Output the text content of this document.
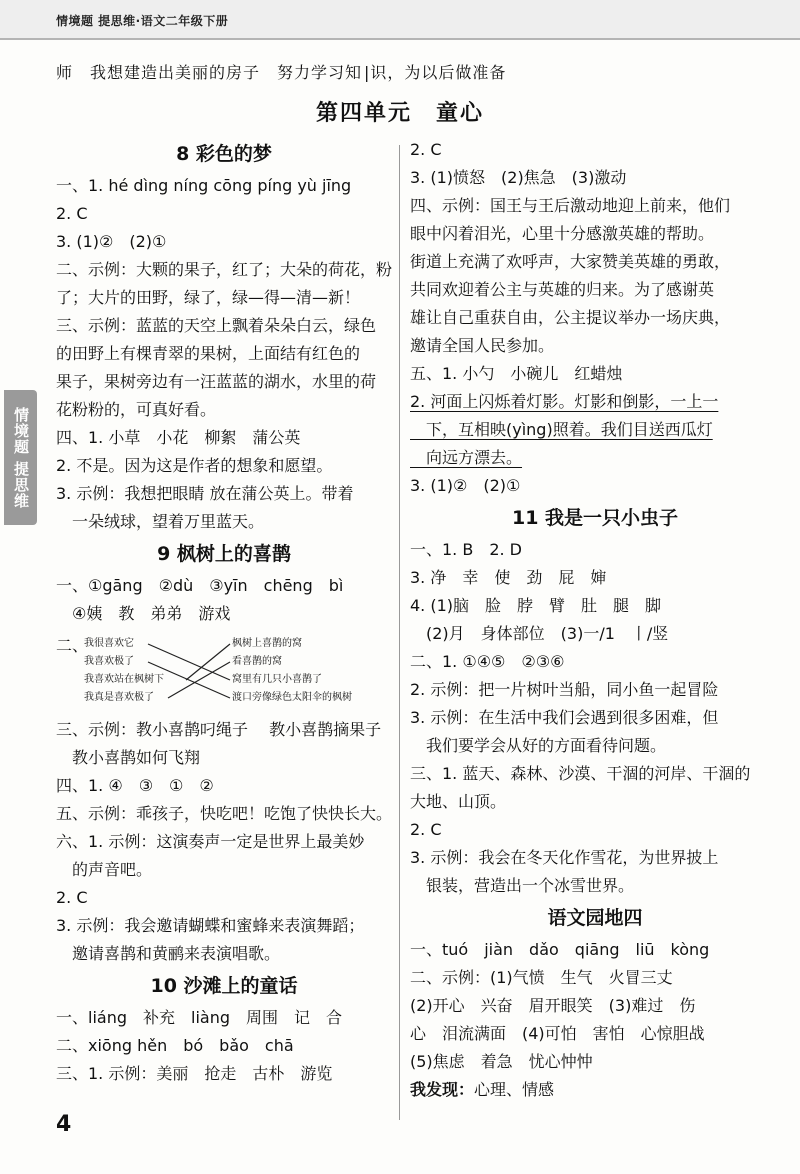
情境题 提思维·语文二年级下册
师　我想建造出美丽的房子　努力学习知 |识，为以后做准备
第四单元　童心
情境题
提思维
8 彩色的梦
一、1. hé dìng níng cōng píng yù jīng
2. C
3. (1)②　(2)①
二、示例：大颗的果子，红了；大朵的荷花，粉
了；大片的田野，绿了，绿—得—清—新！
三、示例：蓝蓝的天空上飘着朵朵白云，绿色
的田野上有棵青翠的果树，上面结有红色的
果子，果树旁边有一汪蓝蓝的湖水，水里的荷
花粉粉的，可真好看。
四、1. 小草　小花　柳絮　蒲公英
2. 不是。因为这是作者的想象和愿望。
3. 示例：我想把眼睛 放在蒲公英上。带着
　一朵绒球，望着万里蓝天。
9 枫树上的喜鹊
一、①gāng　②dù　③yīn　chēng　bì
　④姨　教　弟弟　游戏
二、
我很喜欢它
我喜欢极了
我喜欢站在枫树下
我真是喜欢极了
枫树上喜鹊的窝
看喜鹊的窝
窝里有几只小喜鹊了
渡口旁像绿色太阳伞的枫树
三、示例：教小喜鹊叼绳子　 教小喜鹊摘果子
　教小喜鹊如何飞翔
四、1. ④　③　①　②
五、示例：乖孩子，快吃吧！吃饱了快快长大。
六、1. 示例：这演奏声一定是世界上最美妙
　的声音吧。
2. C
3. 示例：我会邀请蝴蝶和蜜蜂来表演舞蹈；
　邀请喜鹊和黄鹂来表演唱歌。
10 沙滩上的童话
一、liáng　补充　liàng　周围　记　合
二、xiōng hěn　bó　bǎo　chā
三、1. 示例：美丽　抢走　古朴　游览
2. C
3. (1)愤怒　(2)焦急　(3)激动
四、示例：国王与王后激动地迎上前来，他们
眼中闪着泪光，心里十分感激英雄的帮助。
街道上充满了欢呼声，大家赞美英雄的勇敢，
共同欢迎着公主与英雄的归来。为了感谢英
雄让自己重获自由，公主提议举办一场庆典，
邀请全国人民参加。
五、1. 小勺　小碗儿　红蜡烛
2. 河面上闪烁着灯影。灯影和倒影，一上一
　下，互相映(yìng)照着。我们目送西瓜灯
　向远方漂去。
3. (1)②　(2)①
11 我是一只小虫子
一、1. B　2. D
3. 净　幸　使　劲　屁　婶
4. (1)脑　脸　脖　臂　肚　腿　脚
　(2)月　身体部位　(3)一/1　丨/竖
二、1. ①④⑤　②③⑥
2. 示例：把一片树叶当船，同小鱼一起冒险
3. 示例：在生活中我们会遇到很多困难，但
　我们要学会从好的方面看待问题。
三、1. 蓝天、森林、沙漠、干涸的河岸、干涸的
大地、山顶。
2. C
3. 示例：我会在冬天化作雪花，为世界披上
　银装，营造出一个冰雪世界。
语文园地四
一、tuó　jiàn　dǎo　qiāng　liū　kòng
二、示例：(1)气愤　生气　火冒三丈
(2)开心　兴奋　眉开眼笑　(3)难过　伤
心　泪流满面　(4)可怕　害怕　心惊胆战
(5)焦虑　着急　忧心忡忡
我发现：心理、情感
4
